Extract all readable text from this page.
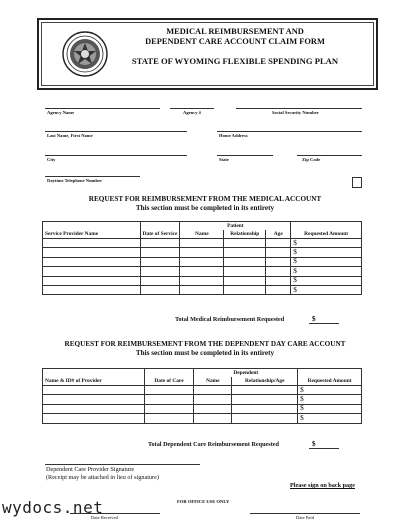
MEDICAL REIMBURSEMENT AND
DEPENDENT CARE ACCOUNT CLAIM FORM
STATE OF WYOMING FLEXIBLE SPENDING PLAN
Agency Name	Agency #	Social Security Number
Last Name, First Name	Home Address
City	State	Zip Code
Daytime Telephone Number
REQUEST FOR REIMBURSEMENT FROM THE MEDICAL ACCOUNT
This section must be completed in its entirety
Service Provider Name	Date of Service	Patient			Requested Amount
		Name	Relationship	Age	
					$
					$
					$
					$
					$
					$
Total Medical Reimbursement Requested	$
REQUEST FOR REIMBURSEMENT FROM THE DEPENDENT DAY CARE ACCOUNT
This section must be completed in its entirety
Name & ID# of Provider	Date of Care	Dependent		Requested Amount
		Name	Relationship/Age	
				$
				$
				$
				$
Total Dependent Care Reimbursement Requested	$
Dependent Care Provider Signature
(Receipt may be attached in lieu of signature)
Please sign on back page
FOR OFFICE USE ONLY
Date Received	Date Paid
wydocs.net
